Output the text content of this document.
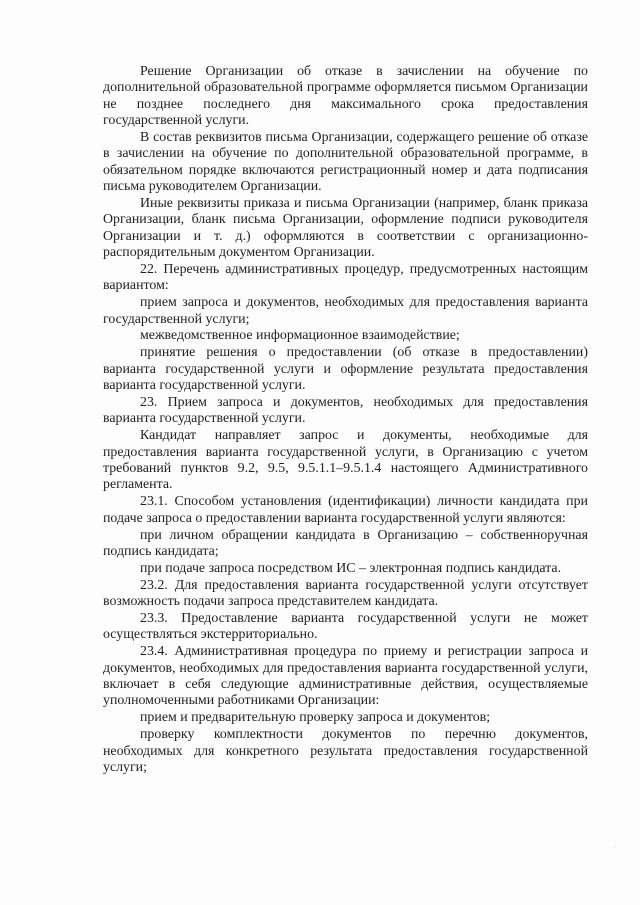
Решение Организации об отказе в зачислении на обучение по дополнительной образовательной программе оформляется письмом Организации не позднее последнего дня максимального срока предоставления государственной услуги.

В состав реквизитов письма Организации, содержащего решение об отказе в зачислении на обучение по дополнительной образовательной программе, в обязательном порядке включаются регистрационный номер и дата подписания письма руководителем Организации.

Иные реквизиты приказа и письма Организации (например, бланк приказа Организации, бланк письма Организации, оформление подписи руководителя Организации и т. д.) оформляются в соответствии с организационно-распорядительным документом Организации.

22. Перечень административных процедур, предусмотренных настоящим вариантом:

прием запроса и документов, необходимых для предоставления варианта государственной услуги;

межведомственное информационное взаимодействие;

принятие решения о предоставлении (об отказе в предоставлении) варианта государственной услуги и оформление результата предоставления варианта государственной услуги.

23. Прием запроса и документов, необходимых для предоставления варианта государственной услуги.

Кандидат направляет запрос и документы, необходимые для предоставления варианта государственной услуги, в Организацию с учетом требований пунктов 9.2, 9.5, 9.5.1.1–9.5.1.4 настоящего Административного регламента.

23.1. Способом установления (идентификации) личности кандидата при подаче запроса о предоставлении варианта государственной услуги являются:

при личном обращении кандидата в Организацию – собственноручная подпись кандидата;

при подаче запроса посредством ИС – электронная подпись кандидата.

23.2. Для предоставления варианта государственной услуги отсутствует возможность подачи запроса представителем кандидата.

23.3. Предоставление варианта государственной услуги не может осуществляться экстерриториально.

23.4. Административная процедура по приему и регистрации запроса и документов, необходимых для предоставления варианта государственной услуги, включает в себя следующие административные действия, осуществляемые уполномоченными работниками Организации:

прием и предварительную проверку запроса и документов;

проверку комплектности документов по перечню документов, необходимых для конкретного результата предоставления государственной услуги;
